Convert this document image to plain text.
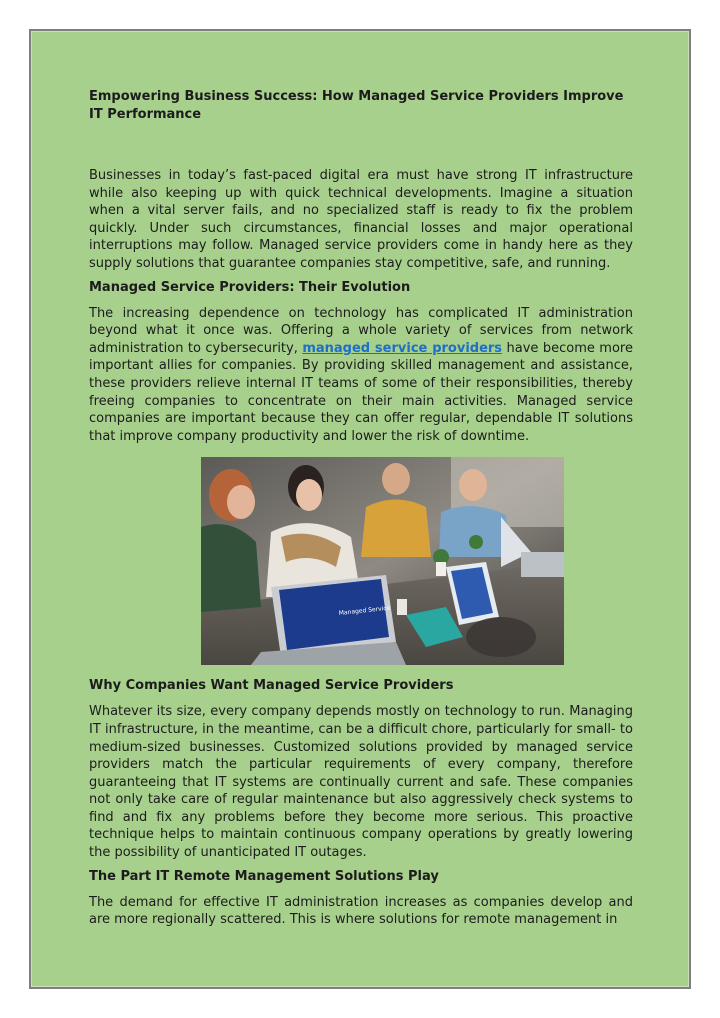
Empowering Business Success: How Managed Service Providers Improve IT Performance

Businesses in today’s fast-paced digital era must have strong IT infrastructure while also keeping up with quick technical developments. Imagine a situation when a vital server fails, and no specialized staff is ready to fix the problem quickly. Under such circumstances, financial losses and major operational interruptions may follow. Managed service providers come in handy here as they supply solutions that guarantee companies stay competitive, safe, and running.

Managed Service Providers: Their Evolution

The increasing dependence on technology has complicated IT administration beyond what it once was. Offering a whole variety of services from network administration to cybersecurity, managed service providers have become more important allies for companies. By providing skilled management and assistance, these providers relieve internal IT teams of some of their responsibilities, thereby freeing companies to concentrate on their main activities. Managed service companies are important because they can offer regular, dependable IT solutions that improve company productivity and lower the risk of downtime.

Managed Service
Why Companies Want Managed Service Providers

Whatever its size, every company depends mostly on technology to run. Managing IT infrastructure, in the meantime, can be a difficult chore, particularly for small- to medium-sized businesses. Customized solutions provided by managed service providers match the particular requirements of every company, therefore guaranteeing that IT systems are continually current and safe. These companies not only take care of regular maintenance but also aggressively check systems to find and fix any problems before they become more serious. This proactive technique helps to maintain continuous company operations by greatly lowering the possibility of unanticipated IT outages.

The Part IT Remote Management Solutions Play

The demand for effective IT administration increases as companies develop and are more regionally scattered. This is where solutions for remote management in
